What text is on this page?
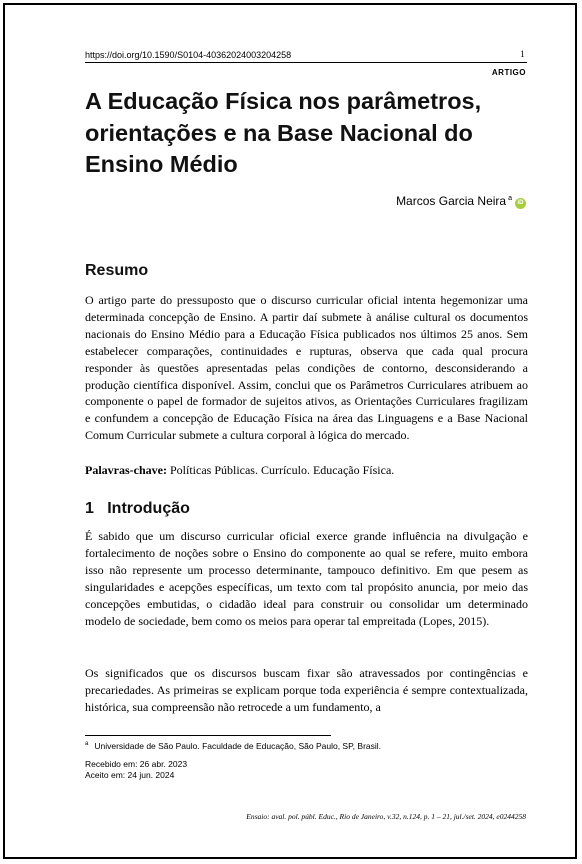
https://doi.org/10.1590/S0104-40362024003204258	1
ARTIGO
A Educação Física nos parâmetros, orientações e na Base Nacional do Ensino Médio
Marcos Garcia Neira $^a$iD
Resumo

O artigo parte do pressuposto que o discurso curricular oficial intenta hegemonizar uma determinada concepção de Ensino. A partir daí submete à análise cultural os documentos nacionais do Ensino Médio para a Educação Física publicados nos últimos 25 anos. Sem estabelecer comparações, continuidades e rupturas, observa que cada qual procura responder às questões apresentadas pelas condições de contorno, desconsiderando a produção científica disponível. Assim, conclui que os Parâmetros Curriculares atribuem ao componente o papel de formador de sujeitos ativos, as Orientações Curriculares fragilizam e confundem a concepção de Educação Física na área das Linguagens e a Base Nacional Comum Curricular submete a cultura corporal à lógica do mercado.

Palavras-chave: Políticas Públicas. Currículo. Educação Física.
1   Introdução

É sabido que um discurso curricular oficial exerce grande influência na divulgação e fortalecimento de noções sobre o Ensino do componente ao qual se refere, muito embora isso não represente um processo determinante, tampouco definitivo. Em que pesem as singularidades e acepções específicas, um texto com tal propósito anuncia, por meio das concepções embutidas, o cidadão ideal para construir ou consolidar um determinado modelo de sociedade, bem como os meios para operar tal empreitada (Lopes, 2015).

Os significados que os discursos buscam fixar são atravessados por contingências e precariedades. As primeiras se explicam porque toda experiência é sempre contextualizada, histórica, sua compreensão não retrocede a um fundamento, a

$^a$ Universidade de São Paulo. Faculdade de Educação, São Paulo, SP, Brasil.
Recebido em: 26 abr. 2023
Aceito em: 24 jun. 2024
Ensaio: aval. pol. públ. Educ., Rio de Janeiro, v.32, n.124, p. 1 – 21, jul./set. 2024, e0244258
